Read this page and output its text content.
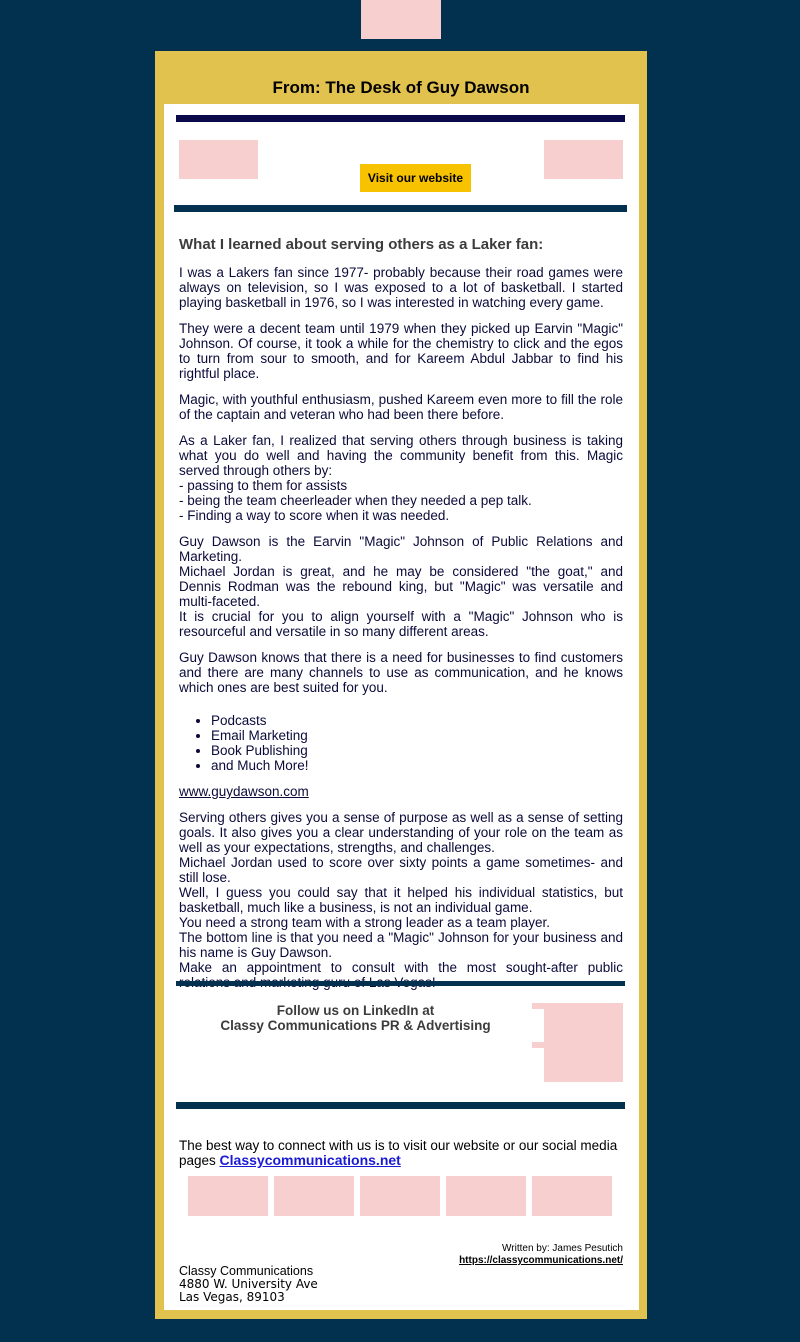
From: The Desk of Guy Dawson
Visit our website
What I learned about serving others as a Laker fan:

I was a Lakers fan since 1977- probably because their road games were always on television, so I was exposed to a lot of basketball. I started playing basketball in 1976, so I was interested in watching every game.

They were a decent team until 1979 when they picked up Earvin "Magic" Johnson. Of course, it took a while for the chemistry to click and the egos to turn from sour to smooth, and for Kareem Abdul Jabbar to find his rightful place.

Magic, with youthful enthusiasm, pushed Kareem even more to fill the role of the captain and veteran who had been there before.

As a Laker fan, I realized that serving others through business is taking what you do well and having the community benefit from this. Magic served through others by:
- passing to them for assists
- being the team cheerleader when they needed a pep talk.
- Finding a way to score when it was needed.

Guy Dawson is the Earvin "Magic" Johnson of Public Relations and Marketing.
Michael Jordan is great, and he may be considered "the goat," and Dennis Rodman was the rebound king, but "Magic" was versatile and multi-faceted.
It is crucial for you to align yourself with a "Magic" Johnson who is resourceful and versatile in so many different areas.

Guy Dawson knows that there is a need for businesses to find customers and there are many channels to use as communication, and he knows which ones are best suited for you.

• Podcasts
• Email Marketing
• Book Publishing
• and Much More!

www.guydawson.com

Serving others gives you a sense of purpose as well as a sense of setting goals. It also gives you a clear understanding of your role on the team as well as your expectations, strengths, and challenges.
Michael Jordan used to score over sixty points a game sometimes- and still lose.
Well, I guess you could say that it helped his individual statistics, but basketball, much like a business, is not an individual game.
You need a strong team with a strong leader as a team player.
The bottom line is that you need a "Magic" Johnson for your business and his name is Guy Dawson.
Make an appointment to consult with the most sought-after public

Follow us on LinkedIn at
Classy Communications PR & Advertising
The best way to connect with us is to visit our website or our social media pages Classycommunications.net
Written by: James Pesutich
https://classycommunications.net/
Classy Communications
4880 W. University Ave
Las Vegas, 89103
